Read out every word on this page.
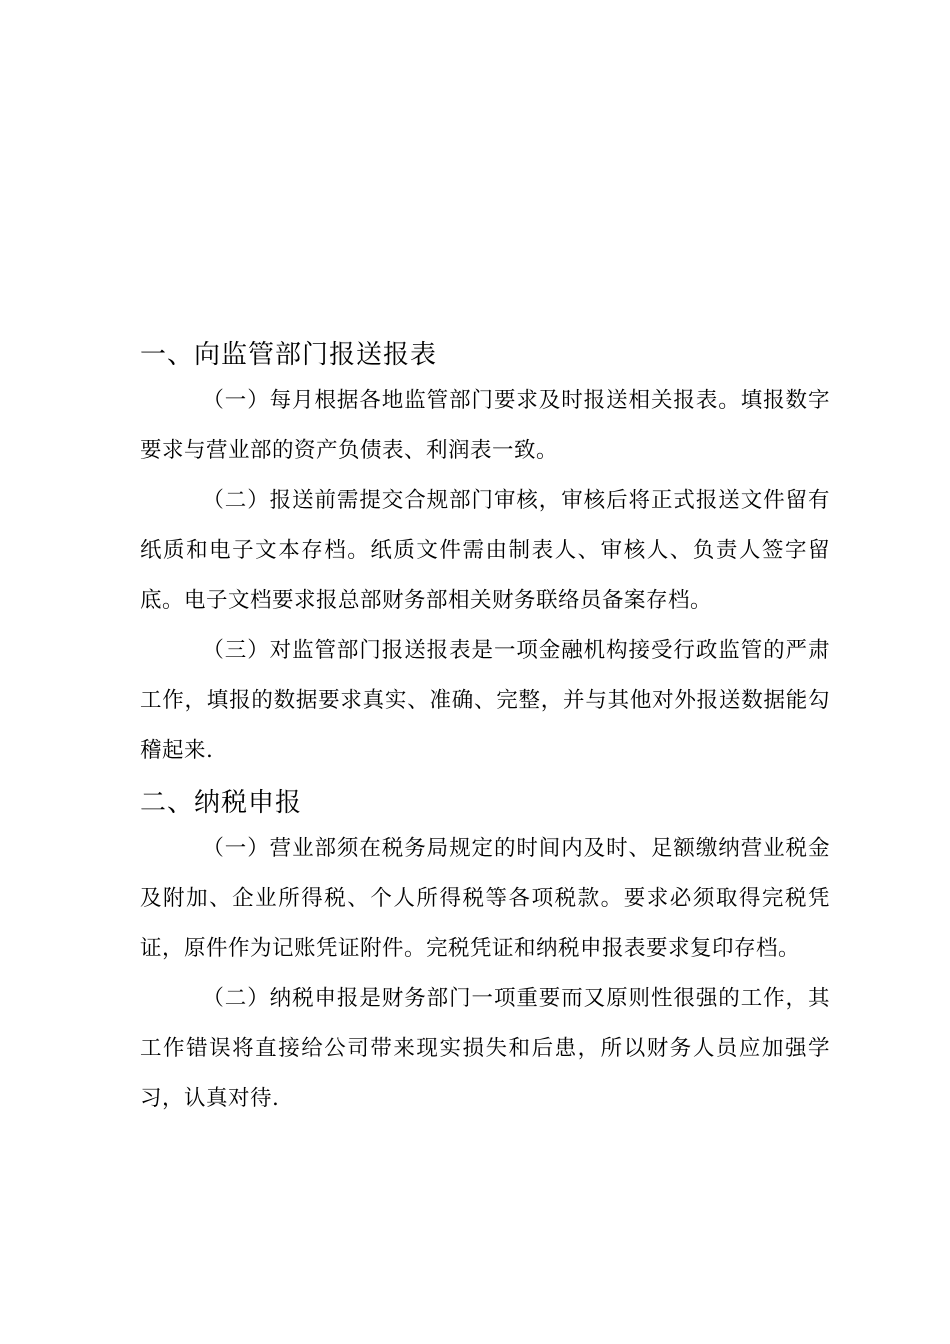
一、向监管部门报送报表

（一）每月根据各地监管部门要求及时报送相关报表。填报数字要求与营业部的资产负债表、利润表一致。

（二）报送前需提交合规部门审核，审核后将正式报送文件留有纸质和电子文本存档。纸质文件需由制表人、审核人、负责人签字留底。电子文档要求报总部财务部相关财务联络员备案存档。

（三）对监管部门报送报表是一项金融机构接受行政监管的严肃工作，填报的数据要求真实、准确、完整，并与其他对外报送数据能勾稽起来.

二、纳税申报

（一）营业部须在税务局规定的时间内及时、足额缴纳营业税金及附加、企业所得税、个人所得税等各项税款。要求必须取得完税凭证，原件作为记账凭证附件。完税凭证和纳税申报表要求复印存档。

（二）纳税申报是财务部门一项重要而又原则性很强的工作，其工作错误将直接给公司带来现实损失和后患，所以财务人员应加强学习，认真对待.
